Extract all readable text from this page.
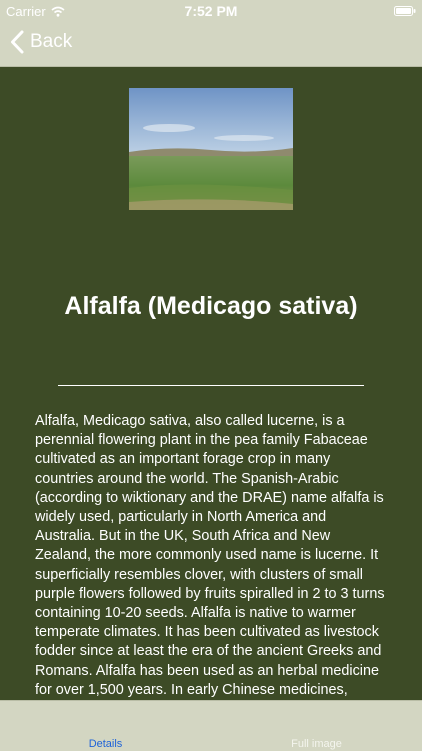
Carrier	7:52 PM
Back
Alfalfa (Medicago sativa)

Alfalfa, Medicago sativa, also called lucerne, is a perennial flowering plant in the pea family Fabaceae cultivated as an important forage crop in many countries around the world. The Spanish-Arabic (according to wiktionary and the DRAE) name alfalfa is widely used, particularly in North America and Australia. But in the UK, South Africa and New Zealand, the more commonly used name is lucerne. It superficially resembles clover, with clusters of small purple flowers followed by fruits spiralled in 2 to 3 turns containing 10-20 seeds. Alfalfa is native to warmer temperate climates. It has been cultivated as livestock fodder since at least the era of the ancient Greeks and Romans. Alfalfa has been used as an herbal medicine for over 1,500 years. In early Chinese medicines,

Details	Full image
